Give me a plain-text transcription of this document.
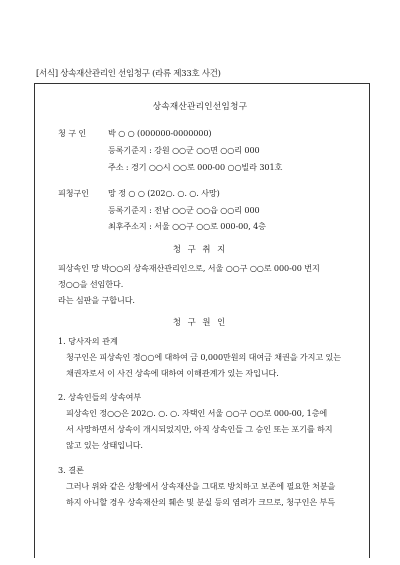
[서식] 상속재산관리인 선임청구 (라류 제33호 사건)
상속재산관리인선임청구
청 구 인	박 ○ ○ (000000-0000000)
등록기준지 : 강원 ○○군 ○○면 ○○리 000
주소 : 경기 ○○시 ○○로 000-00 ○○빌라 301호
피청구인 망 정 ○ ○ (202○. ○. ○. 사망)
등록기준지 : 전남 ○○군 ○○읍 ○○리 000
최후주소지 : 서울 ○○구 ○○로 000-00, 4층
청 구 취 지
피상속인 망 박○○의 상속재산관리인으로, 서울 ○○구 ○○로 000-00 번지
정○○을 선임한다.
라는 심판을 구합니다.
청 구 원 인
1. 당사자의 관계
청구인은 피상속인 정○○에 대하여 금 0,000만원의 대여금 채권을 가지고 있는
채권자로서 이 사건 상속에 대하여 이해관계가 있는 자입니다.
2. 상속인들의 상속여부
피상속인 정○○은 202○. ○. ○. 자택인 서울 ○○구 ○○로 000-00, 1층에
서 사망하면서 상속이 개시되었지만, 아직 상속인들 그 승인 또는 포기를 하지
않고 있는 상태입니다.
3. 결론
그러나 위와 같은 상황에서 상속재산을 그대로 방치하고 보존에 필요한 처분을
하지 아니할 경우 상속재산의 훼손 및 분실 등의 염려가 크므로, 청구인은 부득
